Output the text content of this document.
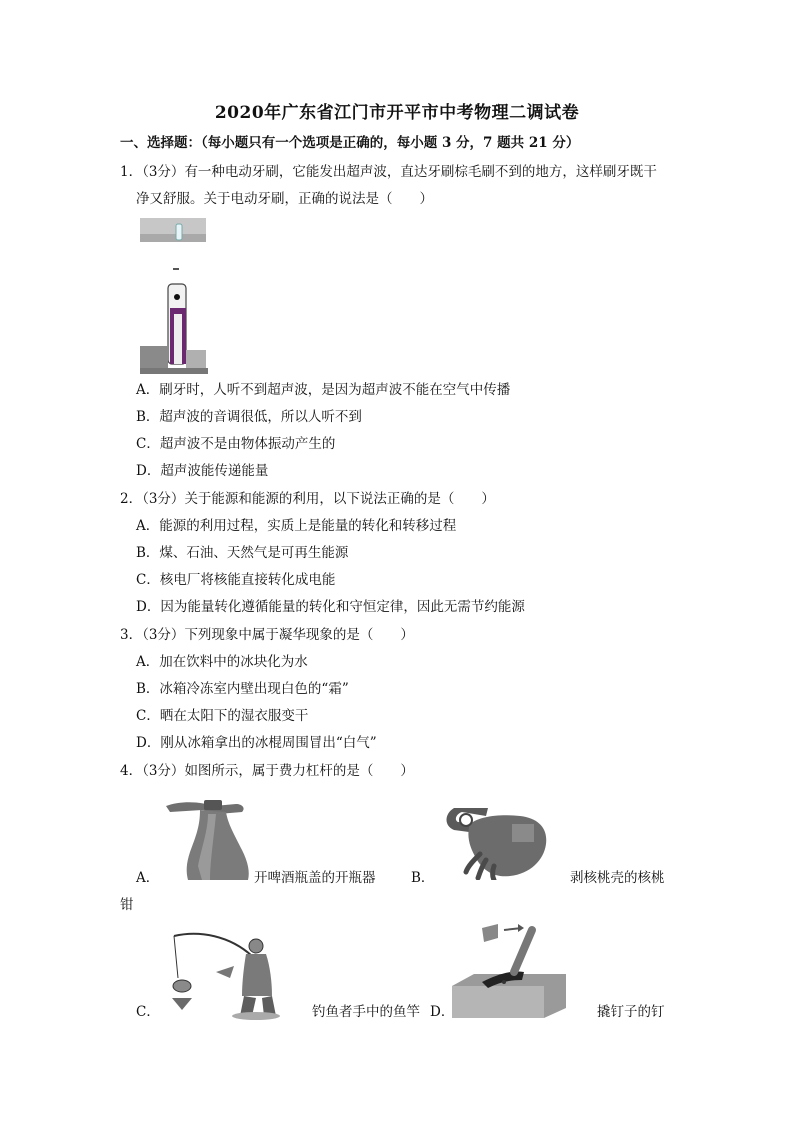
2020年广东省江门市开平市中考物理二调试卷
一、选择题：（每小题只有一个选项是正确的，每小题 3 分，7 题共 21 分）
1．（3分）有一种电动牙刷，它能发出超声波，直达牙刷棕毛刷不到的地方，这样刷牙既干
净又舒服。关于电动牙刷，正确的说法是（　　）
A．刷牙时，人听不到超声波，是因为超声波不能在空气中传播
B．超声波的音调很低，所以人听不到
C．超声波不是由物体振动产生的
D．超声波能传递能量
2．（3分）关于能源和能源的利用，以下说法正确的是（　　）
A．能源的利用过程，实质上是能量的转化和转移过程
B．煤、石油、天然气是可再生能源
C．核电厂将核能直接转化成电能
D．因为能量转化遵循能量的转化和守恒定律，因此无需节约能源
3．（3分）下列现象中属于凝华现象的是（　　）
A．加在饮料中的冰块化为水
B．冰箱冷冻室内壁出现白色的“霜”
C．晒在太阳下的湿衣服变干
D．刚从冰箱拿出的冰棍周围冒出“白气”
4．（3分）如图所示，属于费力杠杆的是（　　）
A．	开啤酒瓶盖的开瓶器	B．	剥核桃壳的核桃
钳
C．	钓鱼者手中的鱼竿 D．	撬钉子的钉
